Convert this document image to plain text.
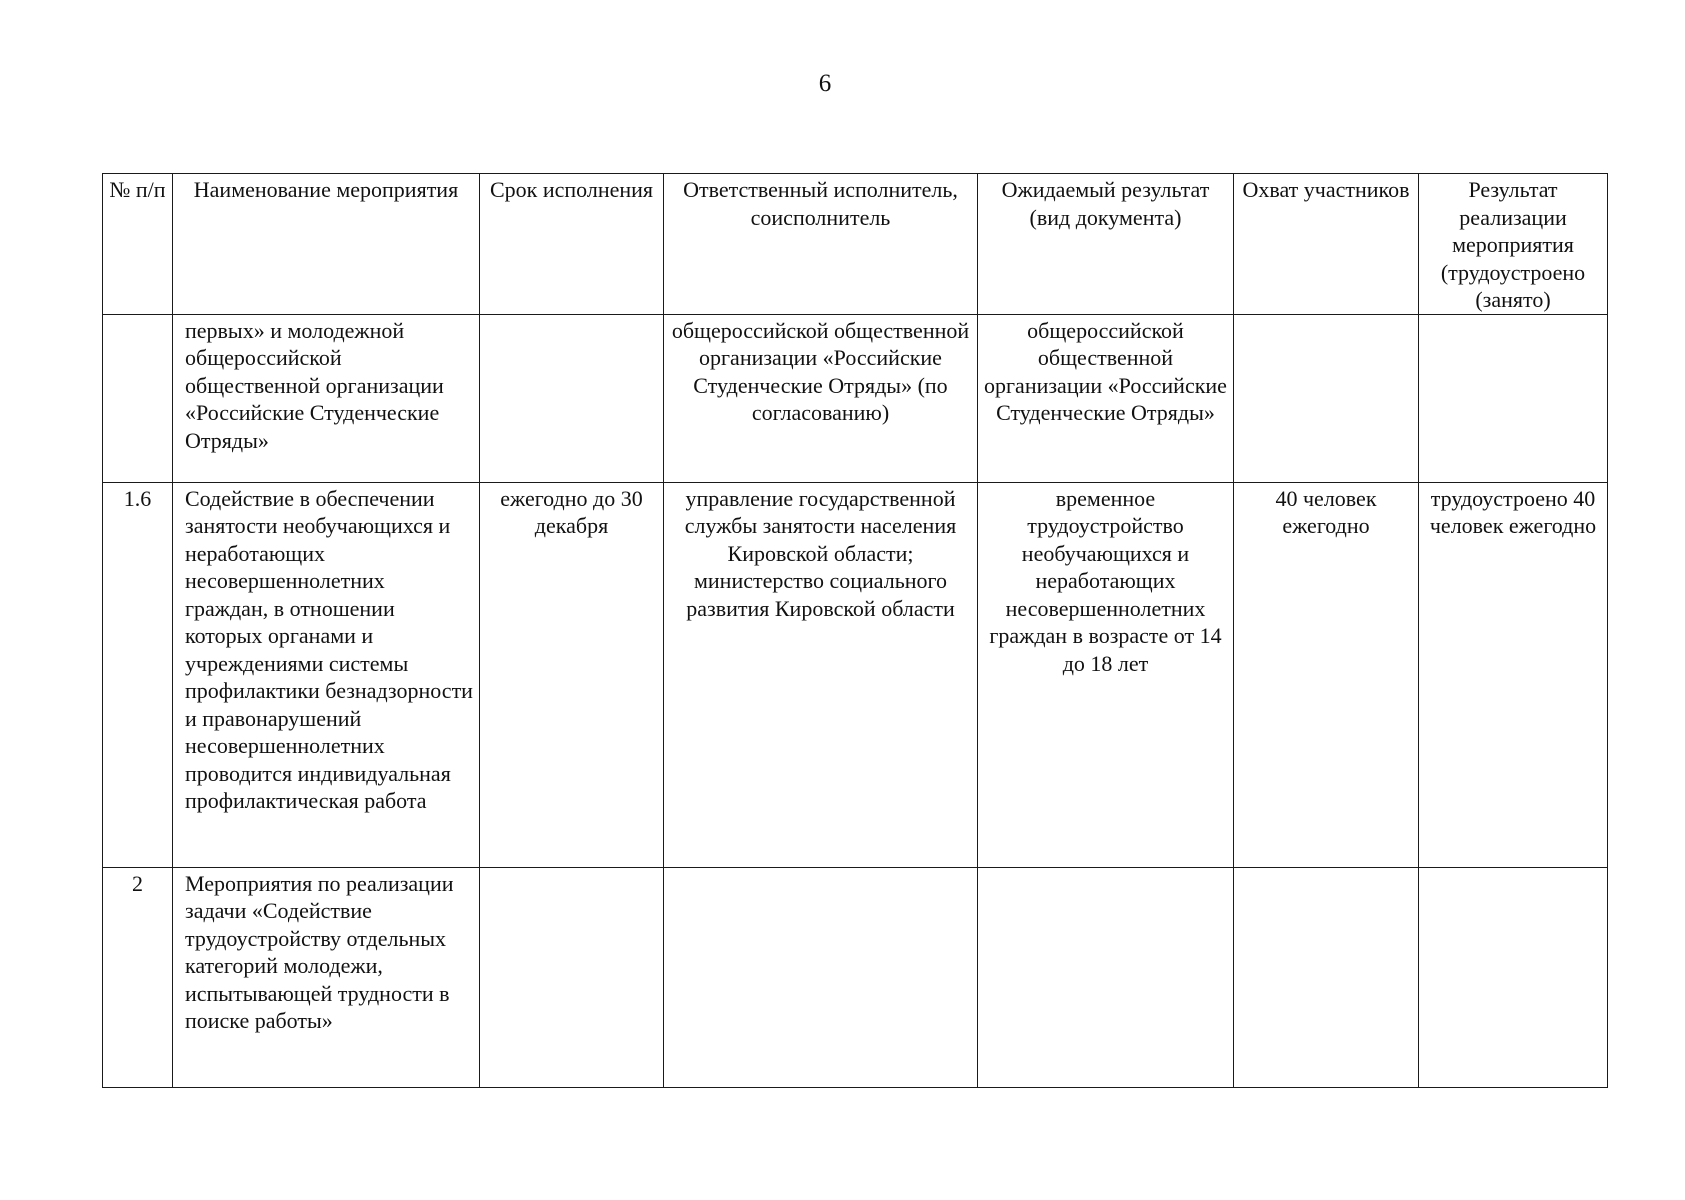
6
№ п/п	Наименование мероприятия	Срок исполнения	Ответственный исполнитель, соисполнитель	Ожидаемый результат (вид документа)	Охват участников	Результат реализации мероприятия (трудоустроено (занято)
	первых» и молодежной общероссийской общественной организации «Российские Студенческие Отряды»		общероссийской общественной организации «Российские Студенческие Отряды» (по согласованию)	общероссийской общественной организации «Российские Студенческие Отряды»		
1.6	Содействие в обеспечении занятости необучающихся и неработающих несовершеннолетних граждан, в отношении которых органами и учреждениями системы профилактики безнадзорности и правонарушений несовершеннолетних проводится индивидуальная профилактическая работа	ежегодно до 30 декабря	управление государственной службы занятости населения Кировской области; министерство социального развития Кировской области	временное трудоустройство необучающихся и неработающих несовершеннолетних граждан в возрасте от 14 до 18 лет	40 человек ежегодно	трудоустроено 40 человек ежегодно
2	Мероприятия по реализации задачи «Содействие трудоустройству отдельных категорий молодежи, испытывающей трудности в поиске работы»					
